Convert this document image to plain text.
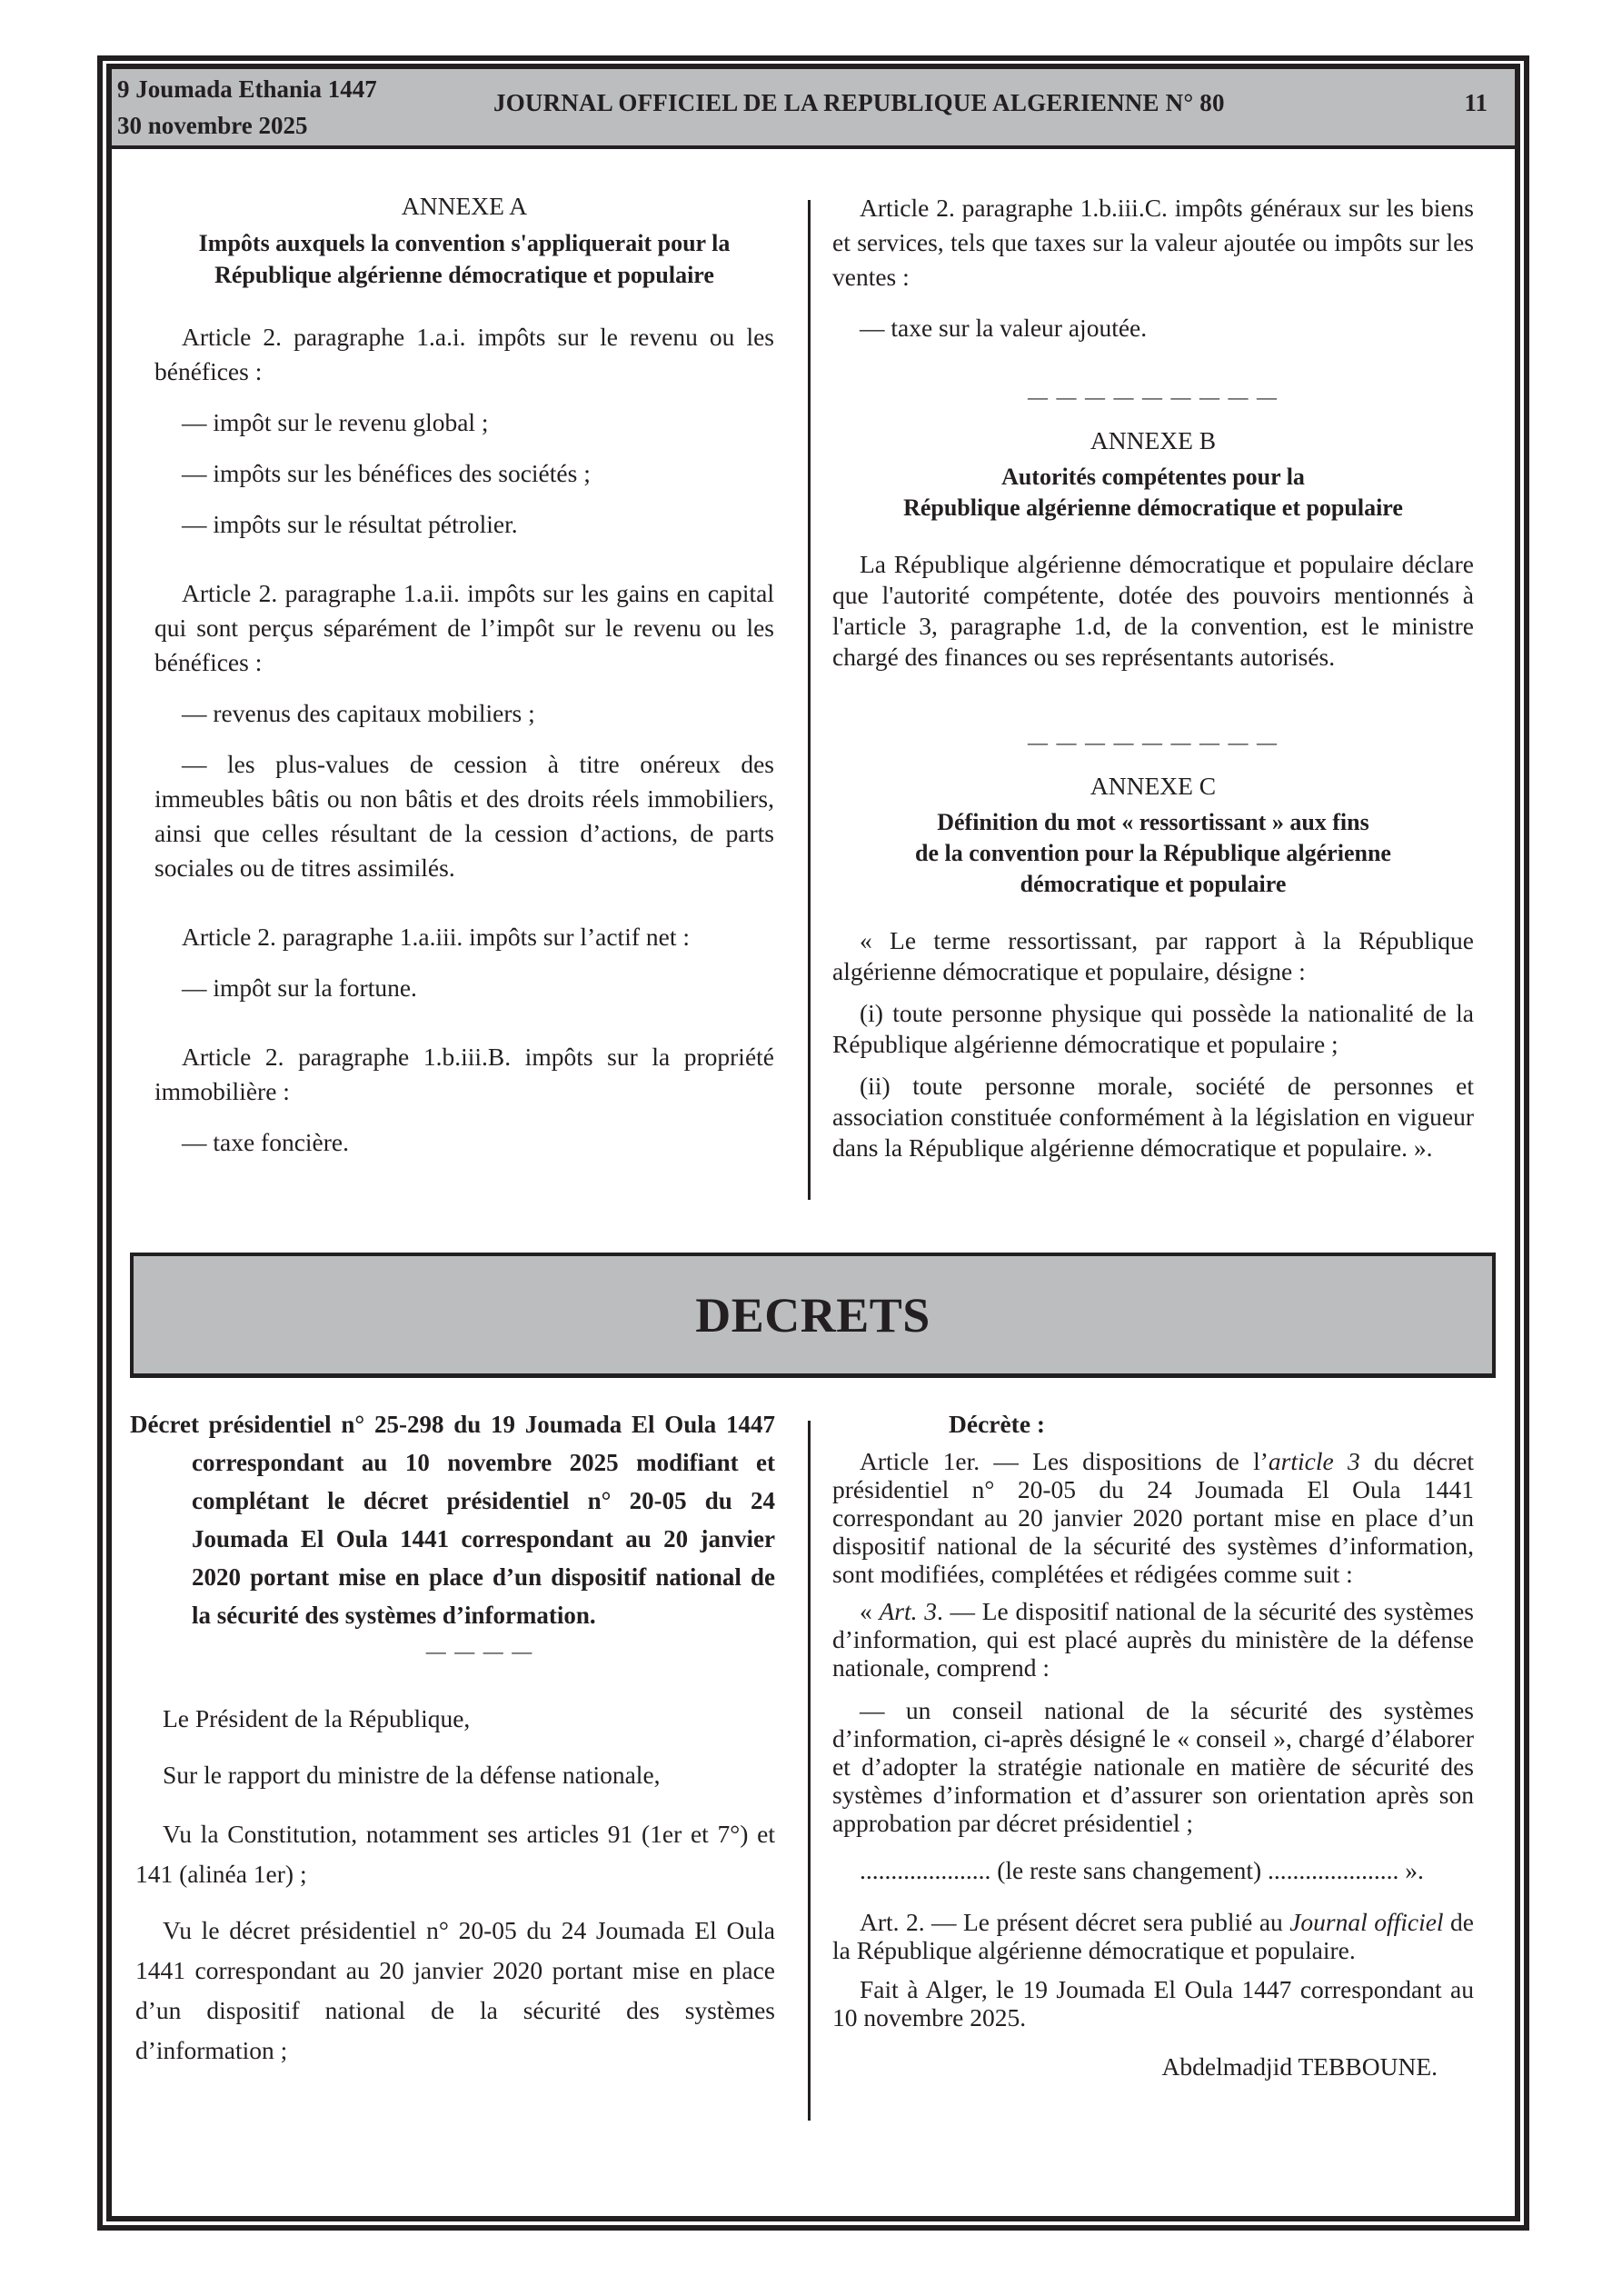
9 Joumada Ethania 1447
30 novembre 2025
JOURNAL OFFICIEL DE LA REPUBLIQUE ALGERIENNE N° 80	11

ANNEXE A

Impôts auxquels la convention s'appliquerait pour la

République algérienne démocratique et populaire

Article 2. paragraphe 1.a.i. impôts sur le revenu ou les bénéfices :

— impôt sur le revenu global ;

— impôts sur les bénéfices des sociétés ;

— impôts sur le résultat pétrolier.

Article 2. paragraphe 1.a.ii. impôts sur les gains en capital qui sont perçus séparément de l’impôt sur le revenu ou les bénéfices :

— revenus des capitaux mobiliers ;

— les plus-values de cession à titre onéreux des immeubles bâtis ou non bâtis et des droits réels immobiliers, ainsi que celles résultant de la cession d’actions, de parts sociales ou de titres assimilés.

Article 2. paragraphe 1.a.iii. impôts sur l’actif net :

— impôt sur la fortune.

Article 2. paragraphe 1.b.iii.B. impôts sur la propriété immobilière :

— taxe foncière.

Article 2. paragraphe 1.b.iii.C. impôts généraux sur les biens et services, tels que taxes sur la valeur ajoutée ou impôts sur les ventes :

— taxe sur la valeur ajoutée.

— — — — — — — — —

ANNEXE B

Autorités compétentes pour la

République algérienne démocratique et populaire

La République algérienne démocratique et populaire déclare que l'autorité compétente, dotée des pouvoirs mentionnés à l'article 3, paragraphe 1.d, de la convention, est le ministre chargé des finances ou ses représentants autorisés.

— — — — — — — — —

ANNEXE C

Définition du mot « ressortissant » aux fins

de la convention pour la République algérienne

démocratique et populaire

« Le terme ressortissant, par rapport à la République algérienne démocratique et populaire, désigne :

(i) toute personne physique qui possède la nationalité de la République algérienne démocratique et populaire ;

(ii) toute personne morale, société de personnes et association constituée conformément à la législation en vigueur dans la République algérienne démocratique et populaire. ».

DECRETS

Décret présidentiel n° 25-298 du 19 Joumada El Oula 1447 correspondant au 10 novembre 2025 modifiant et complétant le décret présidentiel n° 20-05 du 24 Joumada El Oula 1441 correspondant au 20 janvier 2020 portant mise en place d’un dispositif national de la sécurité des systèmes d’information.

— — — —

Le Président de la République,

Sur le rapport du ministre de la défense nationale,

Vu la Constitution, notamment ses articles 91 (1er et 7°) et 141 (alinéa 1er) ;

Vu le décret présidentiel n° 20-05 du 24 Joumada El Oula 1441 correspondant au 20 janvier 2020 portant mise en place d’un dispositif national de la sécurité des systèmes d’information ;

Décrète :

Article 1er. — Les dispositions de l’article 3 du décret présidentiel n° 20-05 du 24 Joumada El Oula 1441 correspondant au 20 janvier 2020 portant mise en place d’un dispositif national de la sécurité des systèmes d’information, sont modifiées, complétées et rédigées comme suit :

« Art. 3. — Le dispositif national de la sécurité des systèmes d’information, qui est placé auprès du ministère de la défense nationale, comprend :

— un conseil national de la sécurité des systèmes d’information, ci-après désigné le « conseil », chargé d’élaborer et d’adopter la stratégie nationale en matière de sécurité des systèmes d’information et d’assurer son orientation après son approbation par décret présidentiel ;

..................... (le reste sans changement) ..................... ».

Art. 2. — Le présent décret sera publié au Journal officiel de la République algérienne démocratique et populaire.

Fait à Alger, le 19 Joumada El Oula 1447 correspondant au 10 novembre 2025.

Abdelmadjid TEBBOUNE.
